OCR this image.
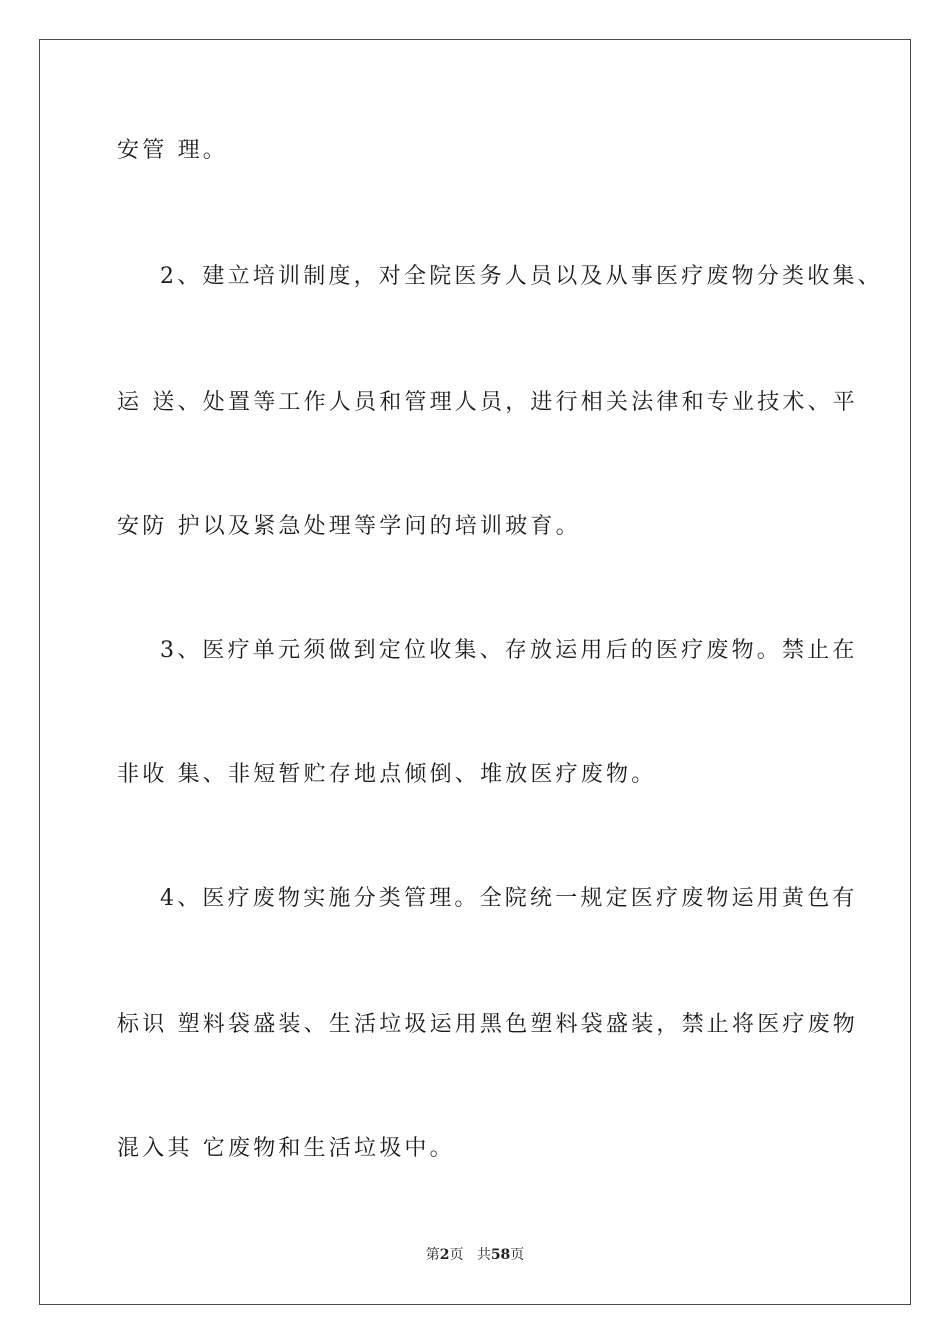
安管 理。
2、建立培训制度，对全院医务人员以及从事医疗废物分类收集、
运 送、处置等工作人员和管理人员，进行相关法律和专业技术、平
安防 护以及紧急处理等学问的培训玻育。
3、医疗单元须做到定位收集、存放运用后的医疗废物。禁止在
非收 集、非短暂贮存地点倾倒、堆放医疗废物。
4、医疗废物实施分类管理。全院统一规定医疗废物运用黄色有
标识 塑料袋盛装、生活垃圾运用黑色塑料袋盛装，禁止将医疗废物
混入其 它废物和生活垃圾中。
第2页 共58页
